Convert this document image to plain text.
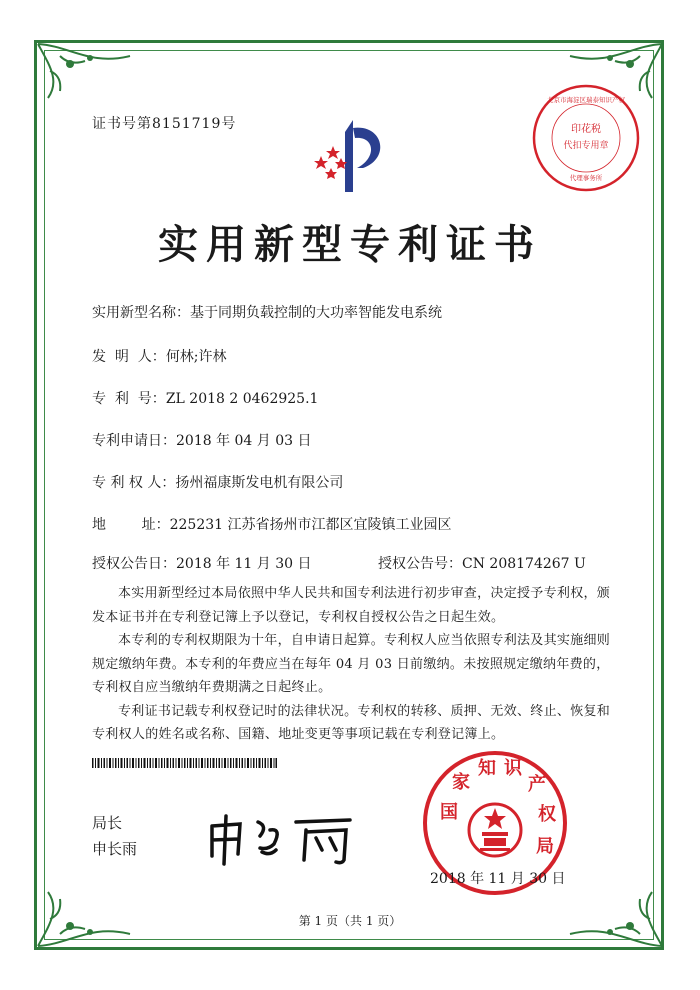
证书号第8151719号	印花税
代扣专用章
北京市海淀区瑞泰知识产权
代理事务所
实用新型专利证书
实用新型名称：基于同期负载控制的大功率智能发电系统
发  明  人：何林;许林
专  利  号：ZL 2018 2 0462925.1
专利申请日：2018 年 04 月 03 日
专 利 权 人：扬州福康斯发电机有限公司
地        址：225231 江苏省扬州市江都区宜陵镇工业园区
授权公告日：2018 年 11 月 30 日	授权公告号：CN 208174267 U

本实用新型经过本局依照中华人民共和国专利法进行初步审查，决定授予专利权，颁发本证书并在专利登记簿上予以登记，专利权自授权公告之日起生效。

本专利的专利权期限为十年，自申请日起算。专利权人应当依照专利法及其实施细则规定缴纳年费。本专利的年费应当在每年 04 月 03 日前缴纳。未按照规定缴纳年费的，专利权自应当缴纳年费期满之日起终止。

专利证书记载专利权登记时的法律状况。专利权的转移、质押、无效、终止、恢复和专利权人的姓名或名称、国籍、地址变更等事项记载在专利登记簿上。

局长
申长雨
国
家
知 识
产
权
局
2018 年 11 月 30 日
第 1 页（共 1 页）
